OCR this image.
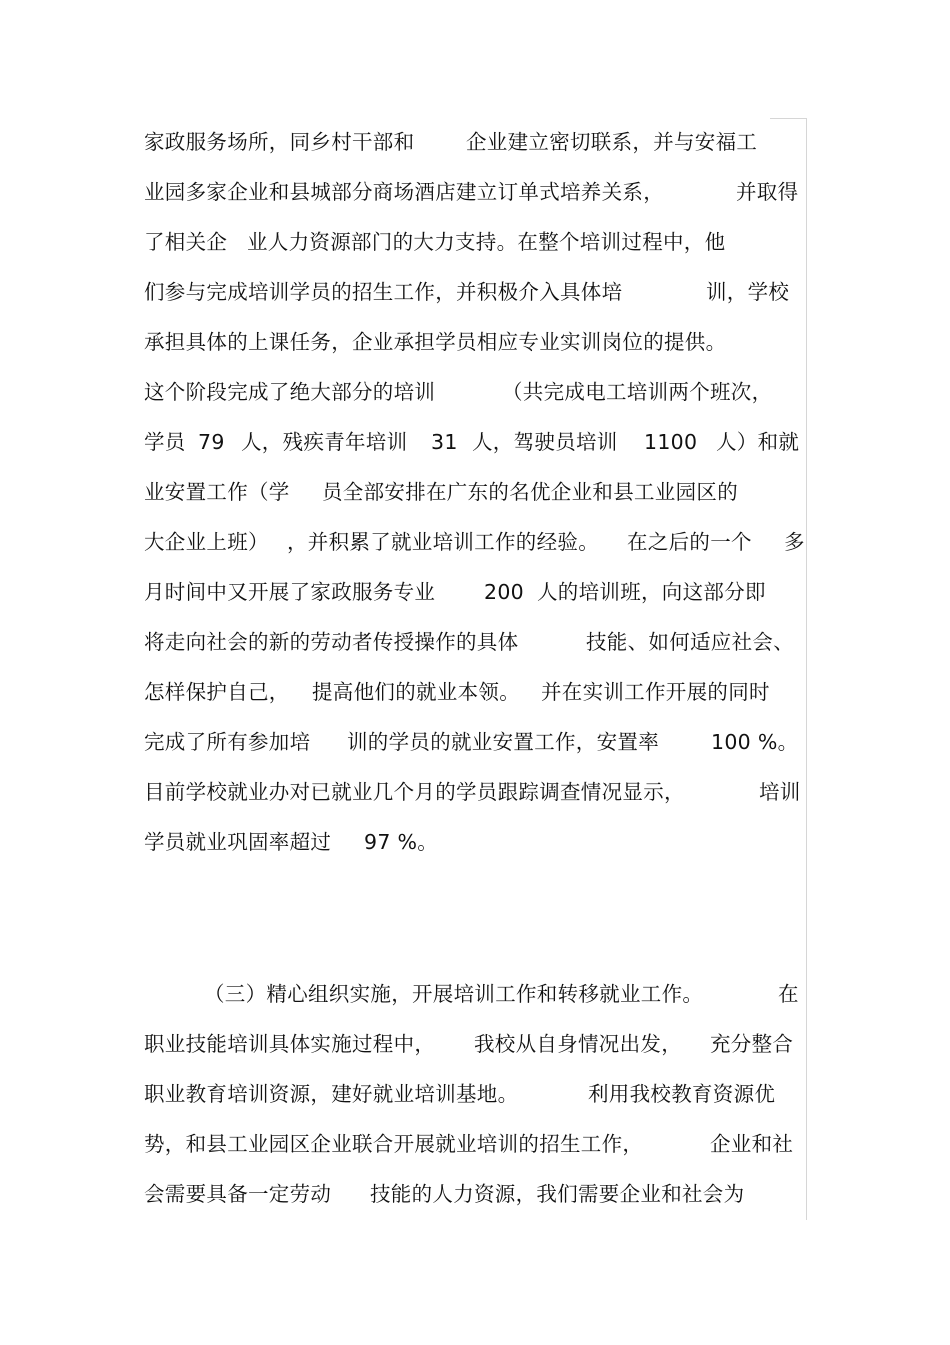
家政服务场所，同乡村干部和	企业建立密切联系，并与安福工
业园多家企业和县城部分商场酒店建立订单式培养关系，	并取得
了相关企 业人力资源部门的大力支持。在整个培训过程中，他
们参与完成培训学员的招生工作，并积极介入具体培	训，学校
承担具体的上课任务，企业承担学员相应专业实训岗位的提供。
这个阶段完成了绝大部分的培训	（共完成电工培训两个班次，
学员 79 人，残疾青年培训 31 人，驾驶员培训 1100 人）和就
业安置工作（学 员全部安排在广东的名优企业和县工业园区的
大企业上班） ，并积累了就业培训工作的经验。 在之后的一个 多
月时间中又开展了家政服务专业 200 人的培训班，向这部分即
将走向社会的新的劳动者传授操作的具体	技能、如何适应社会、
怎样保护自己， 提高他们的就业本领。 并在实训工作开展的同时
完成了所有参加培 训的学员的就业安置工作，安置率	100 %。
目前学校就业办对已就业几个月的学员跟踪调查情况显示，	培训
学员就业巩固率超过 97 %。
（三）精心组织实施，开展培训工作和转移就业工作。	在
职业技能培训具体实施过程中， 我校从自身情况出发， 充分整合
职业教育培训资源，建好就业培训基地。	利用我校教育资源优
势，和县工业园区企业联合开展就业培训的招生工作，	企业和社
会需要具备一定劳动 技能的人力资源，我们需要企业和社会为
